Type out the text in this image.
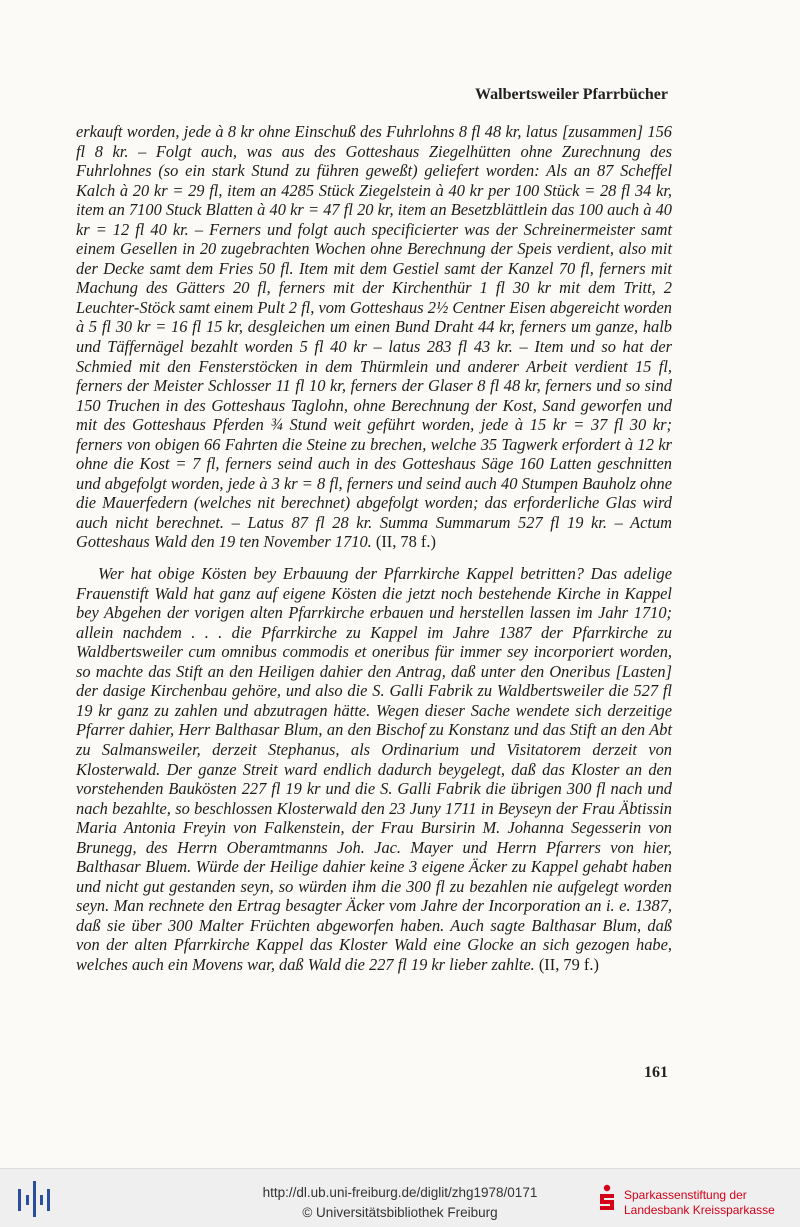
Walbertsweiler Pfarrbücher

erkauft worden, jede à 8 kr ohne Einschuß des Fuhrlohns 8 fl 48 kr, latus [zusammen] 156 fl 8 kr. – Folgt auch, was aus des Gotteshaus Ziegelhütten ohne Zurechnung des Fuhrlohnes (so ein stark Stund zu führen geweßt) geliefert worden: Als an 87 Scheffel Kalch à 20 kr = 29 fl, item an 4285 Stück Ziegelstein à 40 kr per 100 Stück = 28 fl 34 kr, item an 7100 Stuck Blatten à 40 kr = 47 fl 20 kr, item an Besetzblättlein das 100 auch à 40 kr = 12 fl 40 kr. – Ferners und folgt auch specificierter was der Schreinermeister samt einem Gesellen in 20 zugebrachten Wochen ohne Berechnung der Speis verdient, also mit der Decke samt dem Fries 50 fl. Item mit dem Gestiel samt der Kanzel 70 fl, ferners mit Machung des Gätters 20 fl, ferners mit der Kirchenthür 1 fl 30 kr mit dem Tritt, 2 Leuchter-Stöck samt einem Pult 2 fl, vom Gotteshaus 2½ Centner Eisen abgereicht worden à 5 fl 30 kr = 16 fl 15 kr, desgleichen um einen Bund Draht 44 kr, ferners um ganze, halb und Täffernägel bezahlt worden 5 fl 40 kr – latus 283 fl 43 kr. – Item und so hat der Schmied mit den Fensterstöcken in dem Thürmlein und anderer Arbeit verdient 15 fl, ferners der Meister Schlosser 11 fl 10 kr, ferners der Glaser 8 fl 48 kr, ferners und so sind 150 Truchen in des Gotteshaus Taglohn, ohne Berechnung der Kost, Sand geworfen und mit des Gotteshaus Pferden ¾ Stund weit geführt worden, jede à 15 kr = 37 fl 30 kr; ferners von obigen 66 Fahrten die Steine zu brechen, welche 35 Tagwerk erfordert à 12 kr ohne die Kost = 7 fl, ferners seind auch in des Gotteshaus Säge 160 Latten geschnitten und abgefolgt worden, jede à 3 kr = 8 fl, ferners und seind auch 40 Stumpen Bauholz ohne die Mauerfedern (welches nit berechnet) abgefolgt worden; das erforderliche Glas wird auch nicht berechnet. – Latus 87 fl 28 kr. Summa Summarum 527 fl 19 kr. – Actum Gotteshaus Wald den 19 ten November 1710. (II, 78 f.)

Wer hat obige Kösten bey Erbauung der Pfarrkirche Kappel betritten? Das adelige Frauenstift Wald hat ganz auf eigene Kösten die jetzt noch bestehende Kirche in Kappel bey Abgehen der vorigen alten Pfarrkirche erbauen und herstellen lassen im Jahr 1710; allein nachdem . . . die Pfarrkirche zu Kappel im Jahre 1387 der Pfarrkirche zu Waldbertsweiler cum omnibus commodis et oneribus für immer sey incorporiert worden, so machte das Stift an den Heiligen dahier den Antrag, daß unter den Oneribus [Lasten] der dasige Kirchenbau gehöre, und also die S. Galli Fabrik zu Waldbertsweiler die 527 fl 19 kr ganz zu zahlen und abzutragen hätte. Wegen dieser Sache wendete sich derzeitige Pfarrer dahier, Herr Balthasar Blum, an den Bischof zu Konstanz und das Stift an den Abt zu Salmansweiler, derzeit Stephanus, als Ordinarium und Visitatorem derzeit von Klosterwald. Der ganze Streit ward endlich dadurch beygelegt, daß das Kloster an den vorstehenden Baukösten 227 fl 19 kr und die S. Galli Fabrik die übrigen 300 fl nach und nach bezahlte, so beschlossen Klosterwald den 23 Juny 1711 in Beyseyn der Frau Äbtissin Maria Antonia Freyin von Falkenstein, der Frau Bursirin M. Johanna Segesserin von Brunegg, des Herrn Oberamtmanns Joh. Jac. Mayer und Herrn Pfarrers von hier, Balthasar Bluem. Würde der Heilige dahier keine 3 eigene Äcker zu Kappel gehabt haben und nicht gut gestanden seyn, so würden ihm die 300 fl zu bezahlen nie aufgelegt worden seyn. Man rechnete den Ertrag besagter Äcker vom Jahre der Incorporation an i. e. 1387, daß sie über 300 Malter Früchten abgeworfen haben. Auch sagte Balthasar Blum, daß von der alten Pfarrkirche Kappel das Kloster Wald eine Glocke an sich gezogen habe, welches auch ein Movens war, daß Wald die 227 fl 19 kr lieber zahlte. (II, 79 f.)

161
http://dl.ub.uni-freiburg.de/diglit/zhg1978/0171
© Universitätsbibliothek Freiburg
Sparkassenstiftung der
Landesbank Kreissparkasse
